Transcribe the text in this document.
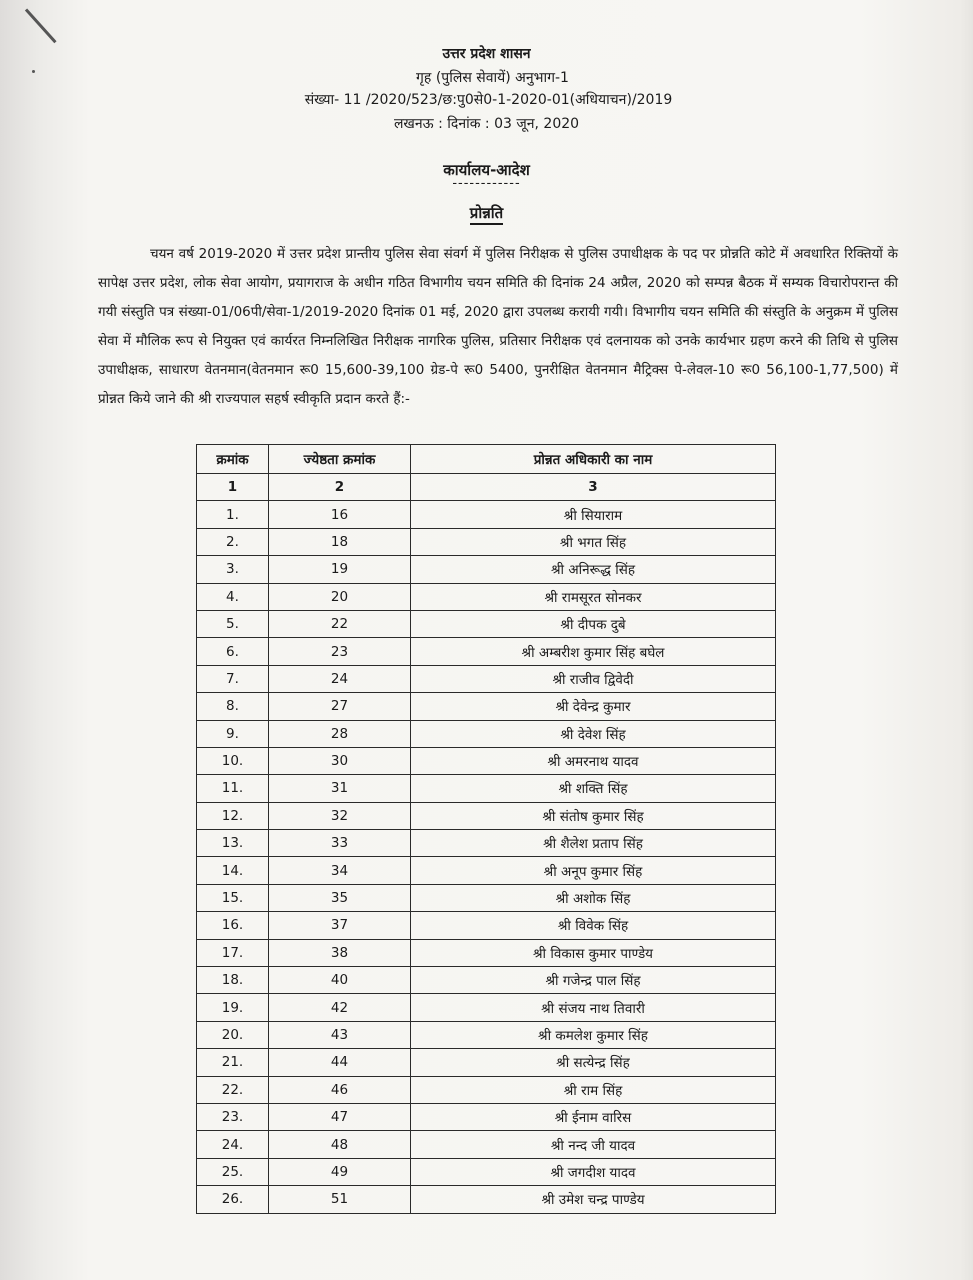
उत्तर प्रदेश शासन
गृह (पुलिस सेवायें) अनुभाग-1
संख्या- 11 /2020/523/छ:पु0से0-1-2020-01(अधियाचन)/2019
लखनऊ : दिनांक : 03 जून, 2020
कार्यालय-आदेश
------------
प्रोन्नति
चयन वर्ष 2019-2020 में उत्तर प्रदेश प्रान्तीय पुलिस सेवा संवर्ग में पुलिस निरीक्षक से पुलिस उपाधीक्षक के पद पर प्रोन्नति कोटे में अवधारित रिक्तियों के सापेक्ष उत्तर प्रदेश, लोक सेवा आयोग, प्रयागराज के अधीन गठित विभागीय चयन समिति की दिनांक 24 अप्रैल, 2020 को सम्पन्न बैठक में सम्यक विचारोपरान्त की गयी संस्तुति पत्र संख्या-01/06पी/सेवा-1/2019-2020 दिनांक 01 मई, 2020 द्वारा उपलब्ध करायी गयी। विभागीय चयन समिति की संस्तुति के अनुक्रम में पुलिस सेवा में मौलिक रूप से नियुक्त एवं कार्यरत निम्नलिखित निरीक्षक नागरिक पुलिस, प्रतिसार निरीक्षक एवं दलनायक को उनके कार्यभार ग्रहण करने की तिथि से पुलिस उपाधीक्षक, साधारण वेतनमान(वेतनमान रू0 15,600-39,100 ग्रेड-पे रू0 5400, पुनरीक्षित वेतनमान मैट्रिक्स पे-लेवल-10 रू0 56,100-1,77,500) में प्रोन्नत किये जाने की श्री राज्यपाल सहर्ष स्वीकृति प्रदान करते हैं:-
क्रमांक	ज्येष्ठता क्रमांक	प्रोन्नत अधिकारी का नाम
1	2	3
1.	16	श्री सियाराम
2.	18	श्री भगत सिंह
3.	19	श्री अनिरूद्ध सिंह
4.	20	श्री रामसूरत सोनकर
5.	22	श्री दीपक दुबे
6.	23	श्री अम्बरीश कुमार सिंह बघेल
7.	24	श्री राजीव द्विवेदी
8.	27	श्री देवेन्द्र कुमार
9.	28	श्री देवेश सिंह
10.	30	श्री अमरनाथ यादव
11.	31	श्री शक्ति सिंह
12.	32	श्री संतोष कुमार सिंह
13.	33	श्री शैलेश प्रताप सिंह
14.	34	श्री अनूप कुमार सिंह
15.	35	श्री अशोक सिंह
16.	37	श्री विवेक सिंह
17.	38	श्री विकास कुमार पाण्डेय
18.	40	श्री गजेन्द्र पाल सिंह
19.	42	श्री संजय नाथ तिवारी
20.	43	श्री कमलेश कुमार सिंह
21.	44	श्री सत्येन्द्र सिंह
22.	46	श्री राम सिंह
23.	47	श्री ईनाम वारिस
24.	48	श्री नन्द जी यादव
25.	49	श्री जगदीश यादव
26.	51	श्री उमेश चन्द्र पाण्डेय
